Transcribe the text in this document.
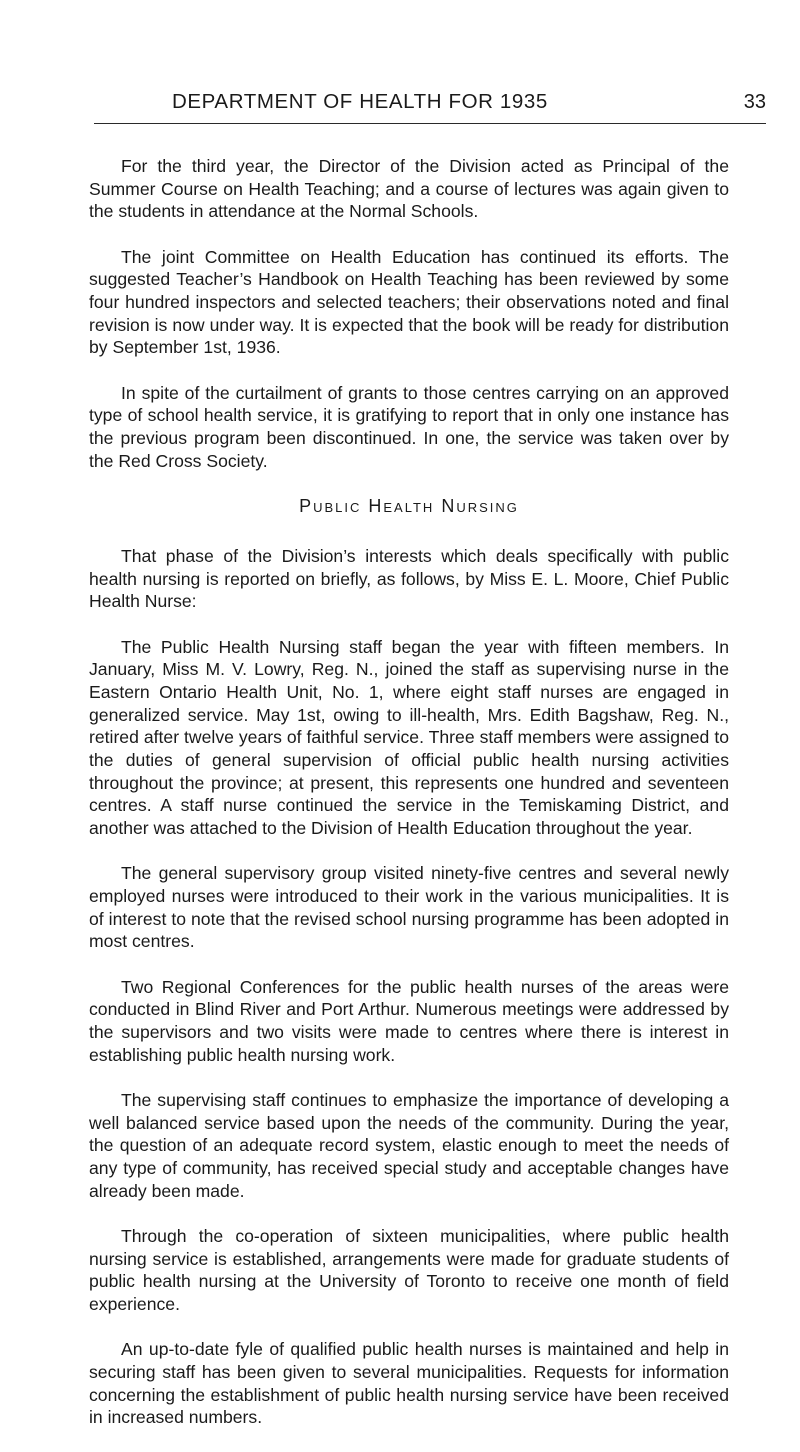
DEPARTMENT OF HEALTH FOR 1935	33

For the third year, the Director of the Division acted as Principal of the Summer Course on Health Teaching; and a course of lectures was again given to the students in attendance at the Normal Schools.

The joint Committee on Health Education has continued its efforts. The suggested Teacher’s Handbook on Health Teaching has been reviewed by some four hundred inspectors and selected teachers; their observations noted and final revision is now under way. It is expected that the book will be ready for distribution by September 1st, 1936.

In spite of the curtailment of grants to those centres carrying on an approved type of school health service, it is gratifying to report that in only one instance has the previous program been discontinued. In one, the service was taken over by the Red Cross Society.

Public Health Nursing

That phase of the Division’s interests which deals specifically with public health nursing is reported on briefly, as follows, by Miss E. L. Moore, Chief Public Health Nurse:

The Public Health Nursing staff began the year with fifteen members. In January, Miss M. V. Lowry, Reg. N., joined the staff as supervising nurse in the Eastern Ontario Health Unit, No. 1, where eight staff nurses are engaged in generalized service. May 1st, owing to ill-health, Mrs. Edith Bagshaw, Reg. N., retired after twelve years of faithful service. Three staff members were assigned to the duties of general supervision of official public health nursing activities throughout the province; at present, this represents one hundred and seventeen centres. A staff nurse continued the service in the Temiskaming District, and another was attached to the Division of Health Education throughout the year.

The general supervisory group visited ninety-five centres and several newly employed nurses were introduced to their work in the various municipalities. It is of interest to note that the revised school nursing programme has been adopted in most centres.

Two Regional Conferences for the public health nurses of the areas were conducted in Blind River and Port Arthur. Numerous meetings were addressed by the supervisors and two visits were made to centres where there is interest in establishing public health nursing work.

The supervising staff continues to emphasize the importance of developing a well balanced service based upon the needs of the community. During the year, the question of an adequate record system, elastic enough to meet the needs of any type of community, has received special study and acceptable changes have already been made.

Through the co-operation of sixteen municipalities, where public health nursing service is established, arrangements were made for graduate students of public health nursing at the University of Toronto to receive one month of field experience.

An up-to-date fyle of qualified public health nurses is maintained and help in securing staff has been given to several municipalities. Requests for information concerning the establishment of public health nursing service have been received in increased numbers.
